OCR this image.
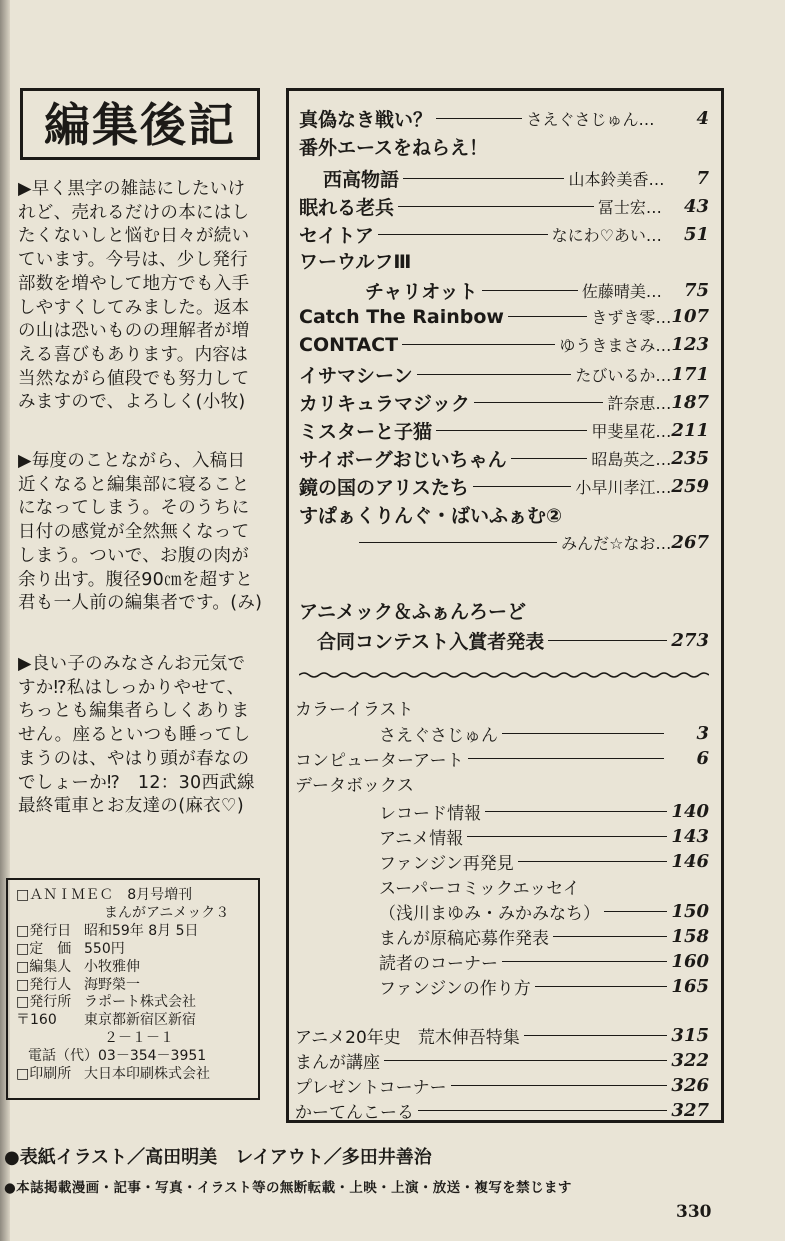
編集後記
▶早く黒字の雑誌にしたいけ
れど、売れるだけの本にはし
たくないしと悩む日々が続い
ています。今号は、少し発行
部数を増やして地方でも入手
しやすくしてみました。返本
の山は恐いものの理解者が増
える喜びもあります。内容は
当然ながら値段でも努力して
みますので、よろしく(小牧)
▶毎度のことながら、入稿日
近くなると編集部に寝ること
になってしまう。そのうちに
日付の感覚が全然無くなって
しまう。ついで、お腹の肉が
余り出す。腹径90㎝を超すと
君も一人前の編集者です。(み)
▶良い子のみなさんお元気で
すか⁉私はしっかりやせて、
ちっとも編集者らしくありま
せん。座るといつも睡ってし
まうのは、やはり頭が春なの
でしょーか⁉　12：30西武線
最終電車とお友達の(麻衣♡)
□ＡＮＩＭＥＣ　8月号増刊
まんがアニメック３
□発行日 昭和59年 8月 5日
□定　価 550円
□編集人 小牧雅伸
□発行人 海野榮一
□発行所 ラポート株式会社
〒160 東京都新宿区新宿
２－１－１
電話（代）03－354－3951
□印刷所 大日本印刷株式会社
真偽なき戦い？	さえぐさじゅん… 4
番外エースをねらえ！
西高物語	山本鈴美香… 7
眠れる老兵	冨士宏… 43
セイトア	なにわ♡あい… 51
ワーウルフⅢ
チャリオット	佐藤晴美… 75
Catch The Rainbow	きずき零… 107
CONTACT	ゆうきまさみ… 123
イサマシーン	たびいるか… 171
カリキュラマジック	許奈恵… 187
ミスターと子猫	甲斐星花… 211
サイボーグおじいちゃん	昭島英之… 235
鏡の国のアリスたち	小早川孝江… 259
すぱぁくりんぐ・ばいふぁむ②
みんだ☆なお… 267
アニメック＆ふぁんろーど
合同コンテスト入賞者発表	273
カラーイラスト
さえぐさじゅん	3
コンピューターアート	6
データボックス
レコード情報	140
アニメ情報	143
ファンジン再発見	146
スーパーコミックエッセイ
（浅川まゆみ・みかみなち）	150
まんが原稿応募作発表	158
読者のコーナー	160
ファンジンの作り方	165
アニメ20年史　荒木伸吾特集	315
まんが講座	322
プレゼントコーナー	326
かーてんこーる	327
●表紙イラスト／高田明美　レイアウト／多田井善治
●本誌掲載漫画・記事・写真・イラスト等の無断転載・上映・上演・放送・複写を禁じます
330
